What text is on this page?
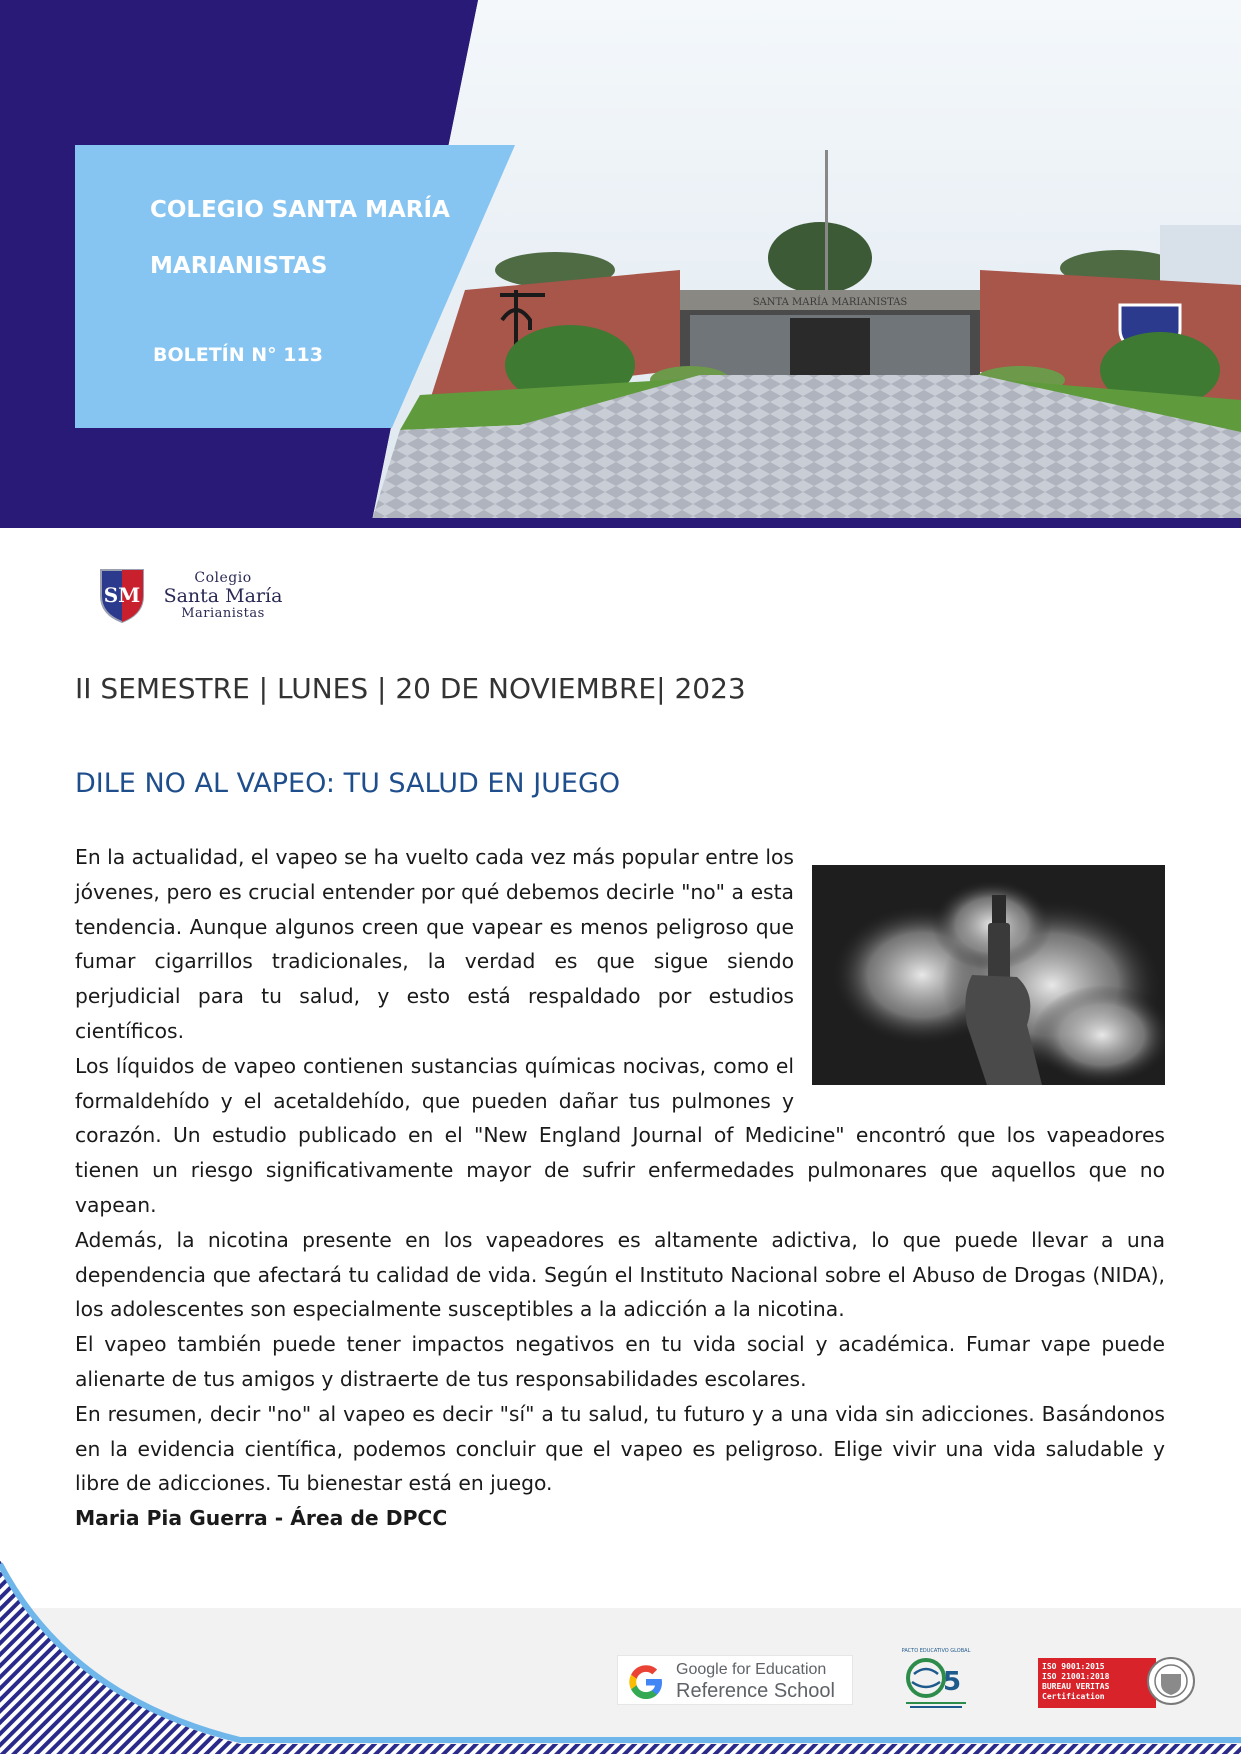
SANTA MARÍA MARIANISTAS
COLEGIO SANTA MARÍA
MARIANISTAS
BOLETÍN N° 113
SM
Colegio
Santa María
Marianistas
II SEMESTRE | LUNES | 20 DE NOVIEMBRE| 2023
DILE NO AL VAPEO: TU SALUD EN JUEGO

En la actualidad, el vapeo se ha vuelto cada vez más popular entre los jóvenes, pero es crucial entender por qué debemos decirle "no" a esta tendencia. Aunque algunos creen que vapear es menos peligroso que fumar cigarrillos tradicionales, la verdad es que sigue siendo perjudicial para tu salud, y esto está respaldado por estudios científicos.

Los líquidos de vapeo contienen sustancias químicas nocivas, como el formaldehído y el acetaldehído, que pueden dañar tus pulmones y corazón. Un estudio publicado en el "New England Journal of Medicine" encontró que los vapeadores tienen un riesgo significativamente mayor de sufrir enfermedades pulmonares que aquellos que no vapean.

Además, la nicotina presente en los vapeadores es altamente adictiva, lo que puede llevar a una dependencia que afectará tu calidad de vida. Según el Instituto Nacional sobre el Abuso de Drogas (NIDA), los adolescentes son especialmente susceptibles a la adicción a la nicotina.

El vapeo también puede tener impactos negativos en tu vida social y académica. Fumar vape puede alienarte de tus amigos y distraerte de tus responsabilidades escolares.

En resumen, decir "no" al vapeo es decir "sí" a tu salud, tu futuro y a una vida sin adicciones. Basándonos en la evidencia científica, podemos concluir que el vapeo es peligroso. Elige vivir una vida saludable y libre de adicciones. Tu bienestar está en juego.

Maria Pia Guerra - Área de DPCC

Google for Education
Reference School
PACTO EDUCATIVO GLOBAL
5
ISO 9001:2015
ISO 21001:2018
BUREAU VERITAS
Certification
